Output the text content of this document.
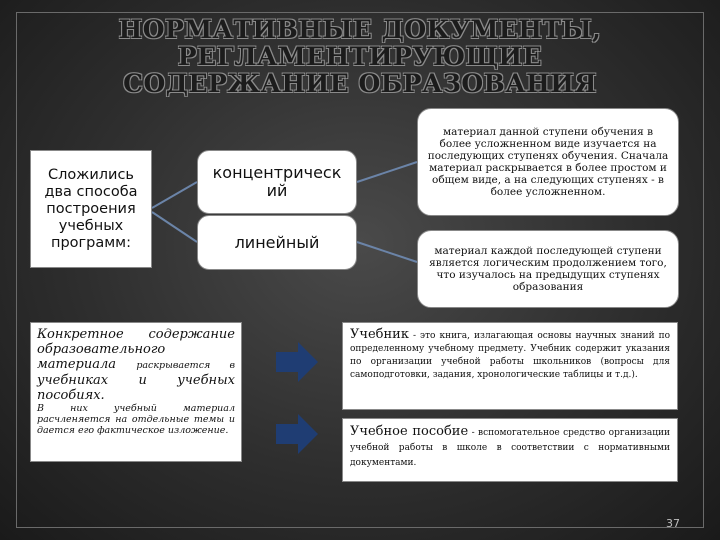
НОРМАТИВНЫЕ ДОКУМЕНТЫ, РЕГЛАМЕНТИРУЮЩИЕ СОДЕРЖАНИЕ ОБРАЗОВАНИЯ
Сложились два способа построения учебных программ:
концентрическ ий
линейный
материал данной ступени обучения в более усложненном виде изучается на последующих ступенях обучения. Сначала материал раскрывается в более простом и общем виде, а на следующих ступенях - в более усложненном.
материал каждой последующей ступени является логическим продолжением того, что изучалось на предыдущих ступенях образования
Конкретное содержание образовательного материала раскрывается в учебниках и учебных пособиях.
В них учебный материал расчленяется на отдельные темы и дается его фактическое изложение.
Учебник - это книга, излагающая основы научных знаний по определенному учебному предмету. Учебник содержит указания по организации учебной работы школьников (вопросы для самоподготовки, задания, хронологические таблицы и т.д.).
Учебное пособие - вспомогательное средство организации учебной работы в школе в соответствии с нормативными документами.
37
